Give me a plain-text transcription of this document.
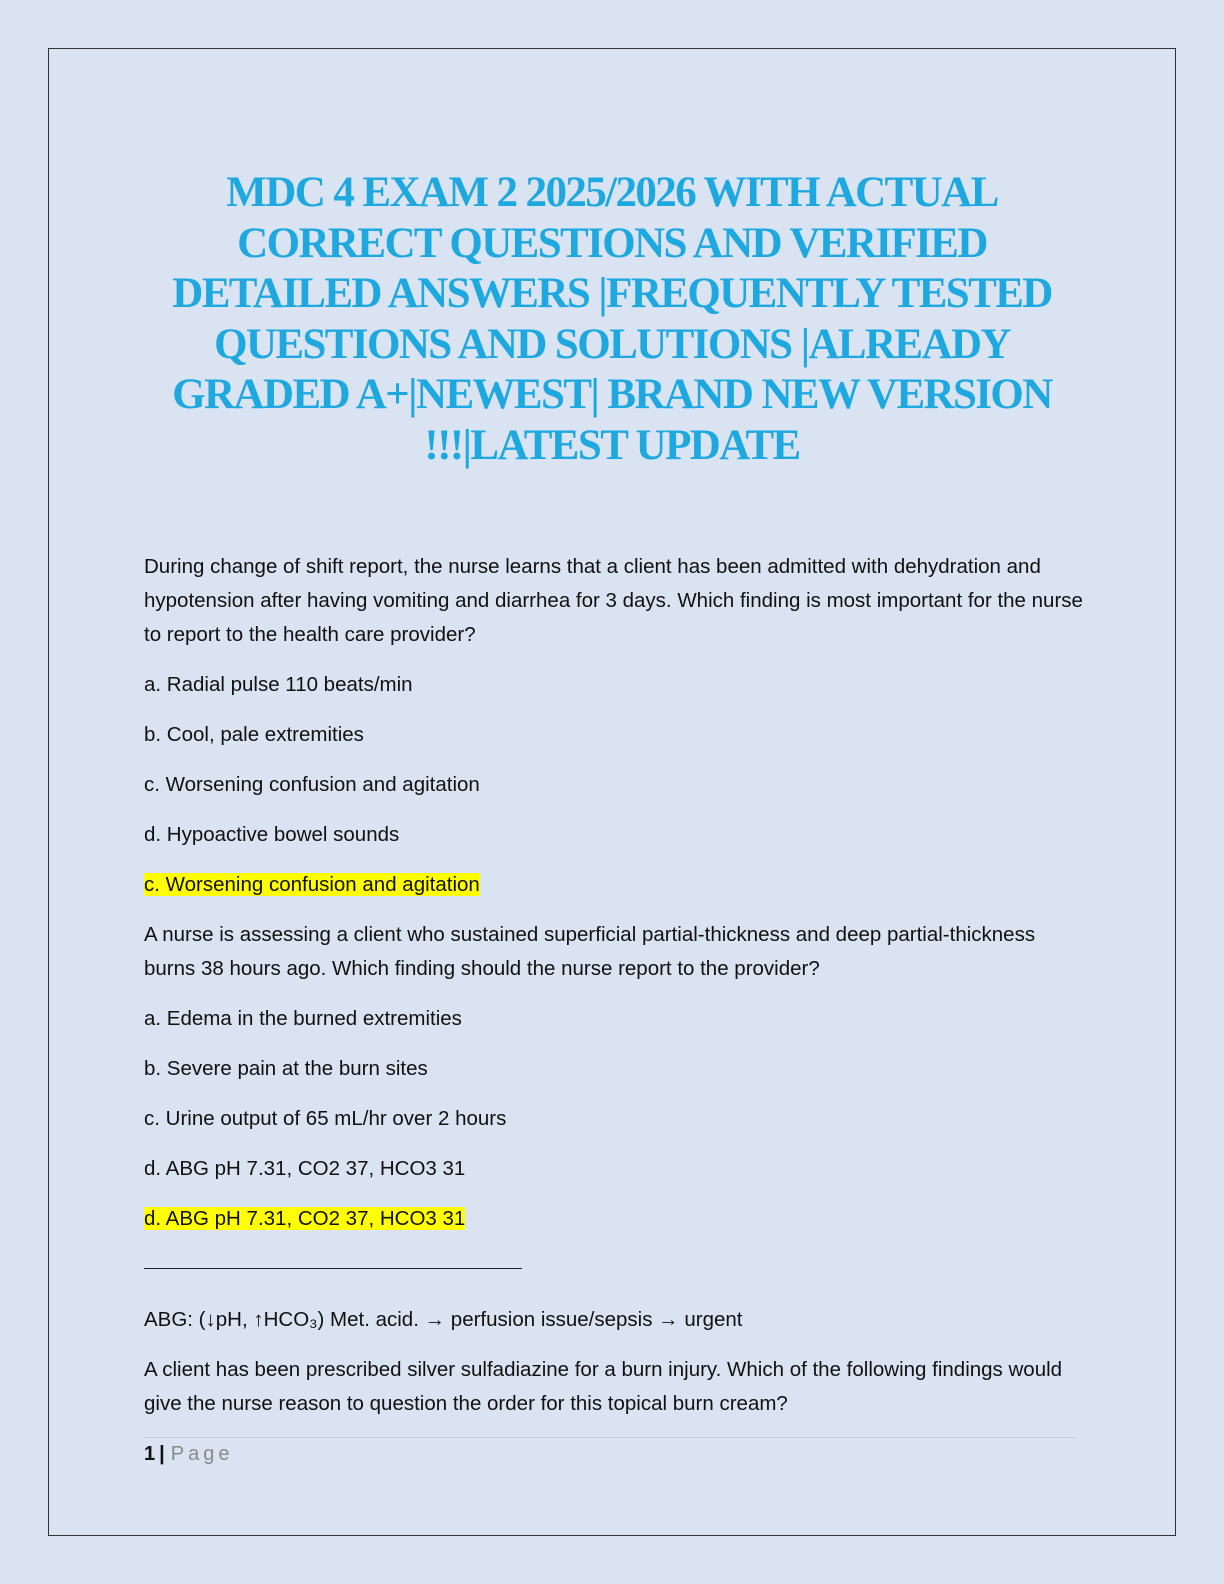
MDC 4 EXAM 2 2025/2026 WITH ACTUAL CORRECT QUESTIONS AND VERIFIED DETAILED ANSWERS |FREQUENTLY TESTED QUESTIONS AND SOLUTIONS |ALREADY GRADED A+|NEWEST| BRAND NEW VERSION !!!|LATEST UPDATE

During change of shift report, the nurse learns that a client has been admitted with dehydration and hypotension after having vomiting and diarrhea for 3 days. Which finding is most important for the nurse to report to the health care provider?

a. Radial pulse 110 beats/min

b. Cool, pale extremities

c. Worsening confusion and agitation

d. Hypoactive bowel sounds

c. Worsening confusion and agitation

A nurse is assessing a client who sustained superficial partial-thickness and deep partial-thickness burns 38 hours ago. Which finding should the nurse report to the provider?

a. Edema in the burned extremities

b. Severe pain at the burn sites

c. Urine output of 65 mL/hr over 2 hours

d. ABG pH 7.31, CO2 37, HCO3 31

d. ABG pH 7.31, CO2 37, HCO3 31

ABG: (↓pH, ↑HCO₃) Met. acid. → perfusion issue/sepsis → urgent

A client has been prescribed silver sulfadiazine for a burn injury. Which of the following findings would give the nurse reason to question the order for this topical burn cream?

1 | Page
